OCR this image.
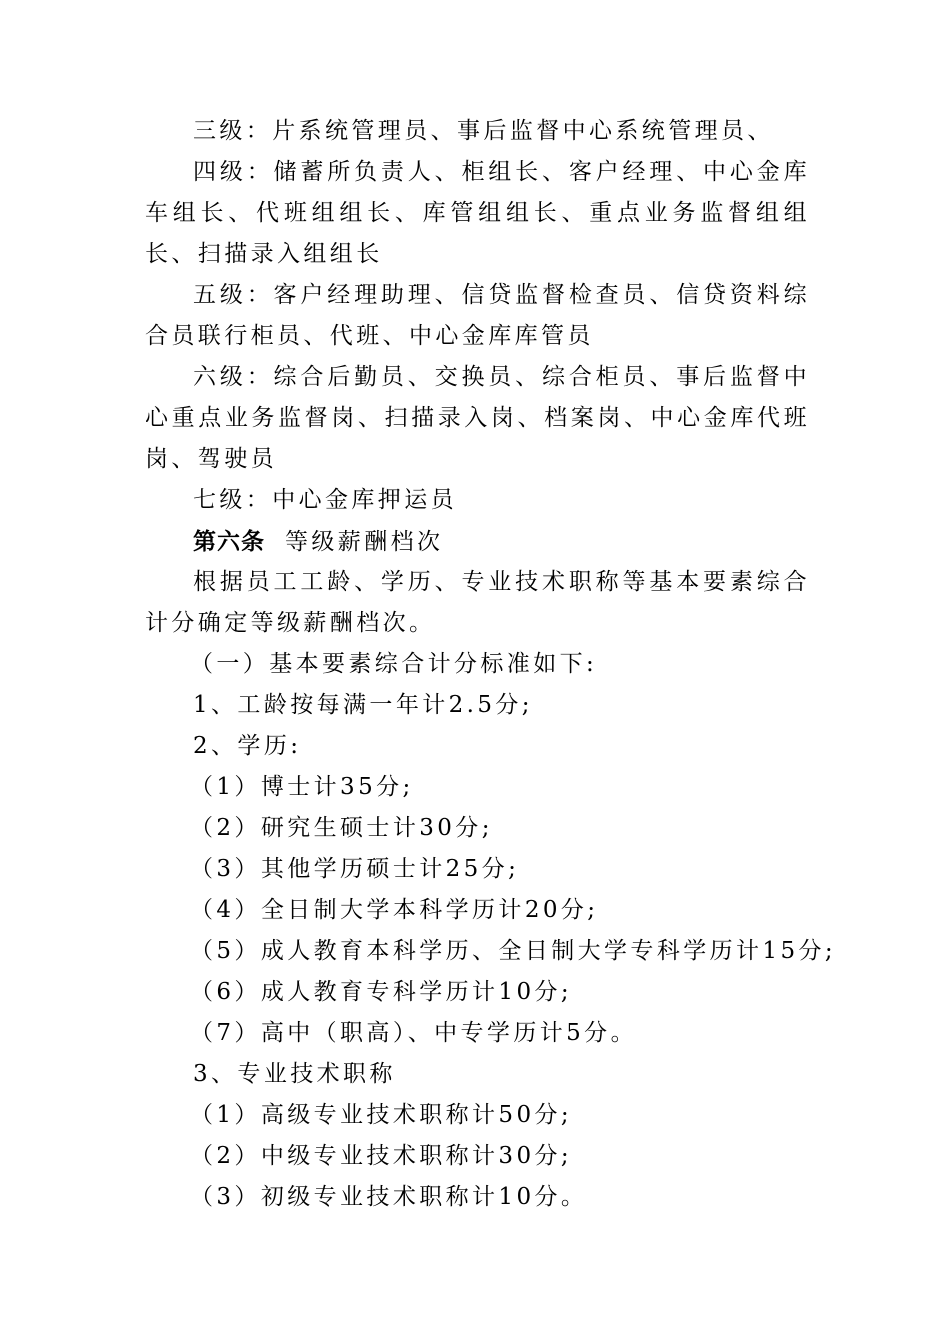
三级：片系统管理员、事后监督中心系统管理员、
四级：储蓄所负责人、柜组长、客户经理、中心金库车组长、代班组组长、库管组组长、重点业务监督组组长、扫描录入组组长
五级：客户经理助理、信贷监督检查员、信贷资料综合员联行柜员、代班、中心金库库管员
六级：综合后勤员、交换员、综合柜员、事后监督中心重点业务监督岗、扫描录入岗、档案岗、中心金库代班岗、驾驶员
七级：中心金库押运员
第六条 等级薪酬档次
根据员工工龄、学历、专业技术职称等基本要素综合计分确定等级薪酬档次。
（一）基本要素综合计分标准如下:
1、工龄按每满一年计2.5分;
2、学历:
（1）博士计35分;
（2）研究生硕士计30分;
（3）其他学历硕士计25分;
（4）全日制大学本科学历计20分;
（5）成人教育本科学历、全日制大学专科学历计15分;
（6）成人教育专科学历计10分;
（7）高中（职高）、中专学历计5分。
3、专业技术职称
（1）高级专业技术职称计50分;
（2）中级专业技术职称计30分;
（3）初级专业技术职称计10分。
